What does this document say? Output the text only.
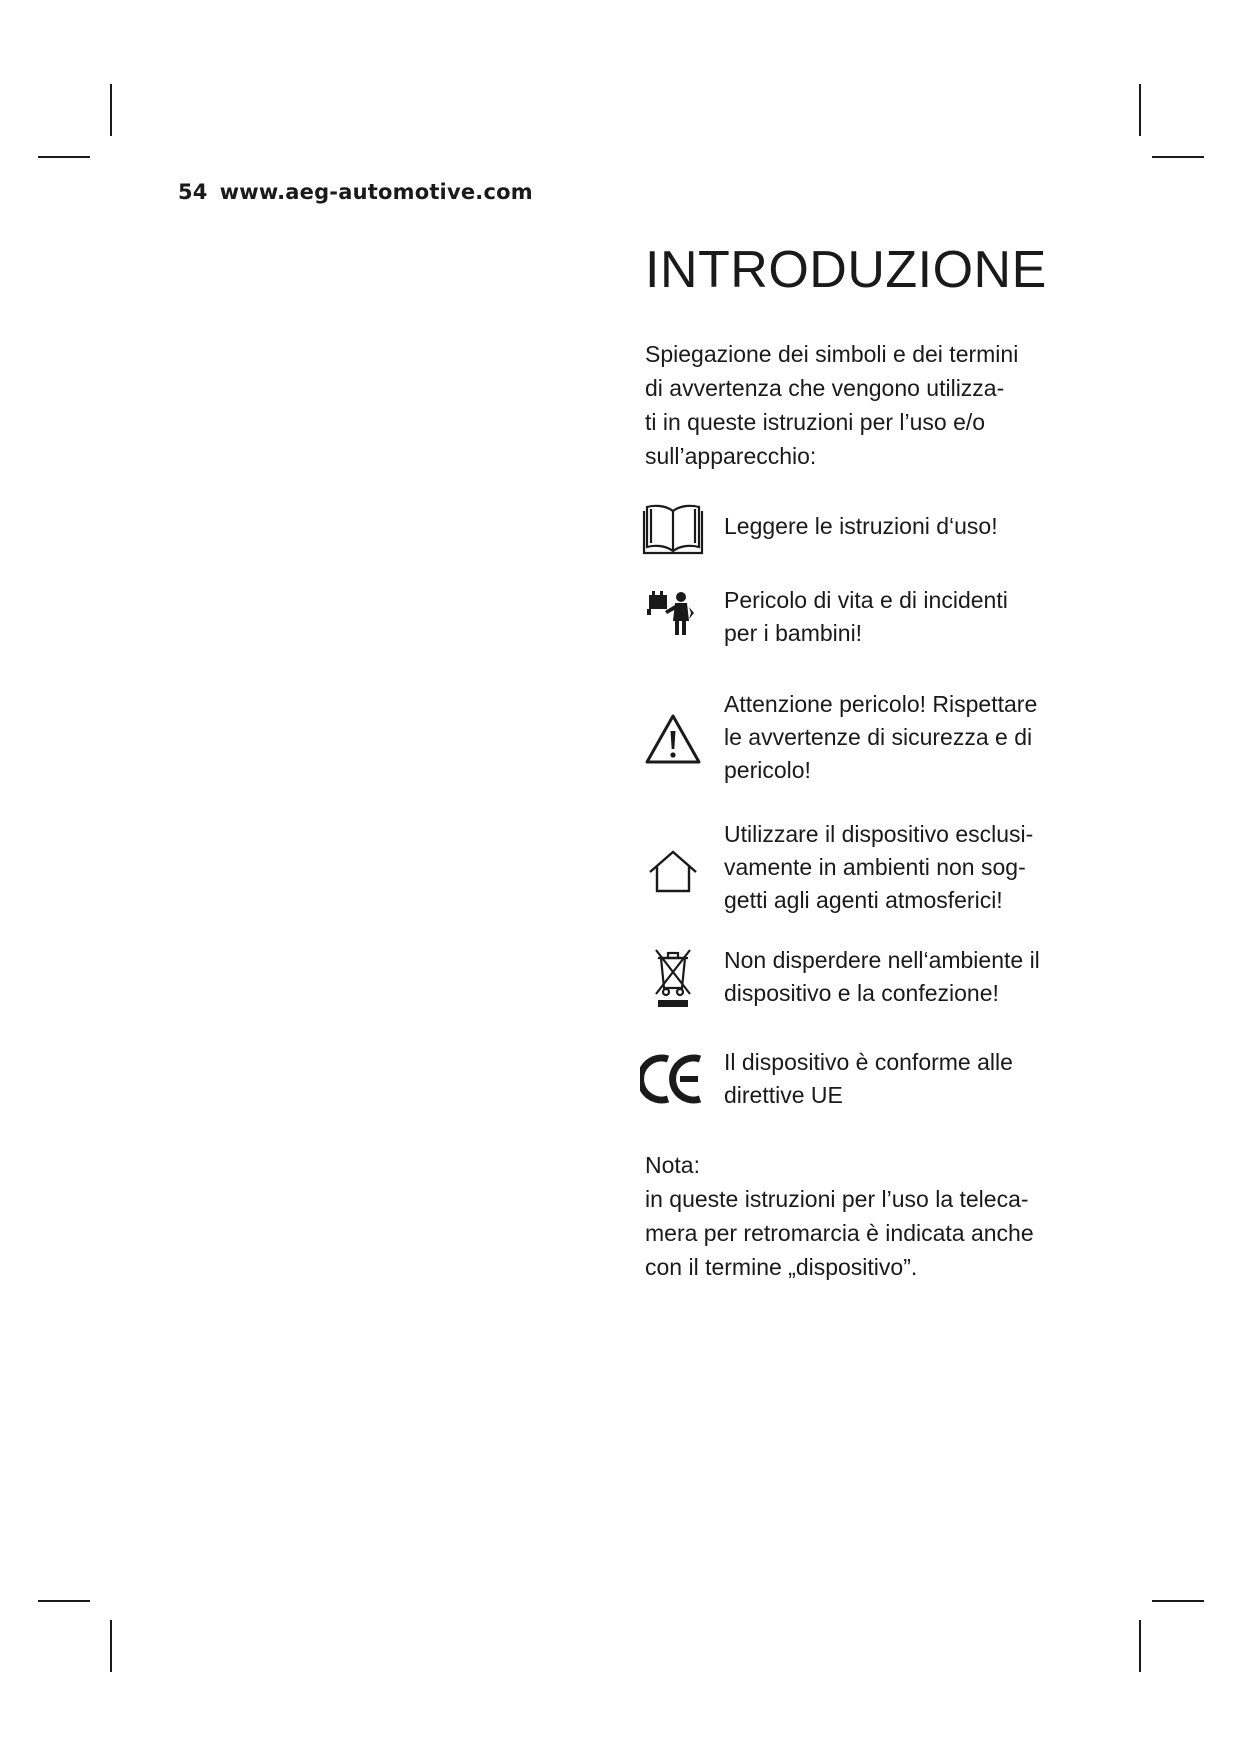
54 www.aeg-automotive.com
INTRODUZIONE

Spiegazione dei simboli e dei termini
di avvertenza che vengono utilizza-
ti in queste istruzioni per l’uso e/o
sull’apparecchio:

Leggere le istruzioni d‘uso!
Pericolo di vita e di incidenti
per i bambini!
Attenzione pericolo! Rispettare
le avvertenze di sicurezza e di
pericolo!
Utilizzare il dispositivo esclusi-
vamente in ambienti non sog-
getti agli agenti atmosferici!
Non disperdere nell‘ambiente il
dispositivo e la confezione!
Il dispositivo è conforme alle
direttive UE

Nota:

in queste istruzioni per l’uso la teleca-
mera per retromarcia è indicata anche
con il termine „dispositivo”.
